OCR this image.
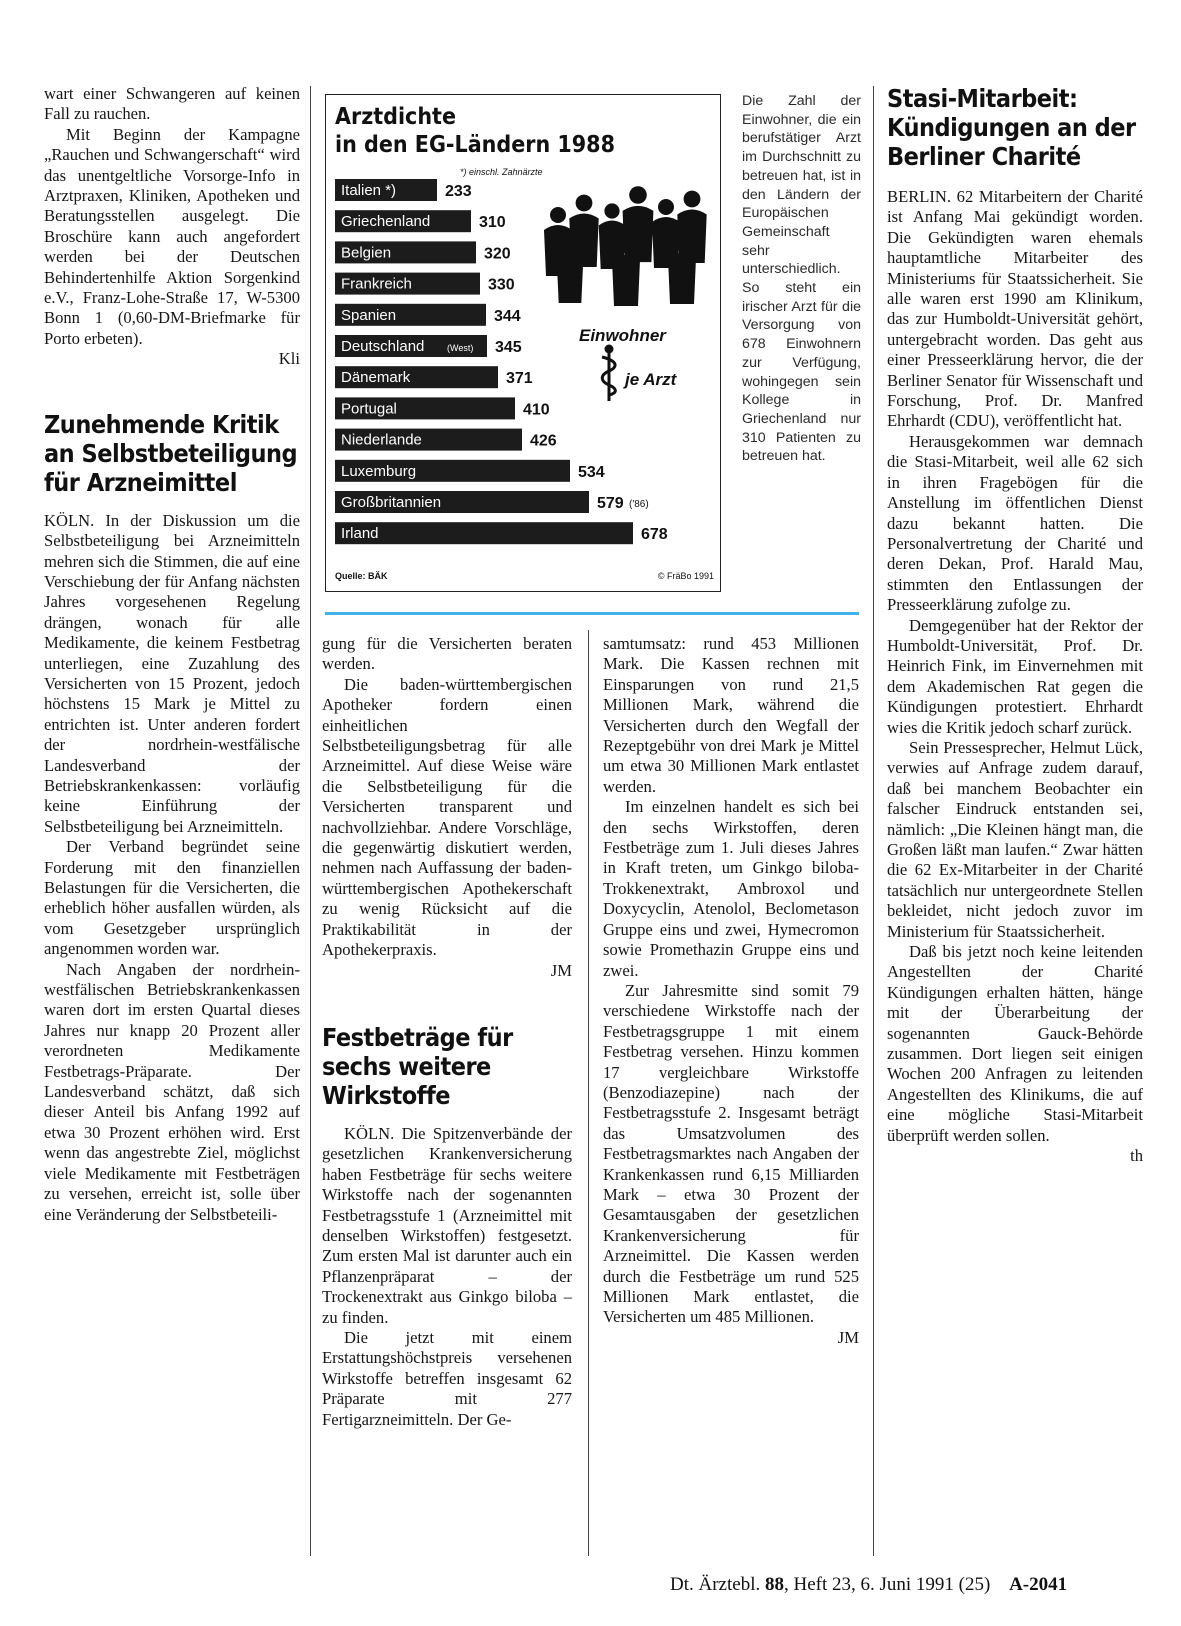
wart einer Schwangeren auf keinen Fall zu rauchen.

Mit Beginn der Kampagne „Rauchen und Schwangerschaft“ wird das unentgeltliche Vorsorge-Info in Arztpraxen, Kliniken, Apotheken und Beratungsstellen ausgelegt. Die Broschüre kann auch angefordert werden bei der Deutschen Behindertenhilfe Aktion Sorgenkind e.V., Franz-Lohe-Straße 17, W-5300 Bonn 1 (0,60-DM-Briefmarke für Porto erbeten).

Kli

Zunehmende Kritik an Selbstbeteiligung für Arzneimittel

KÖLN. In der Diskussion um die Selbstbeteiligung bei Arzneimitteln mehren sich die Stimmen, die auf eine Verschiebung der für Anfang nächsten Jahres vorgesehenen Regelung drängen, wonach für alle Medikamente, die keinem Festbetrag unterliegen, eine Zuzahlung des Versicherten von 15 Prozent, jedoch höchstens 15 Mark je Mittel zu entrichten ist. Unter anderen fordert der nordrhein-westfälische Landesverband der Betriebskrankenkassen: vorläufig keine Einführung der Selbstbeteiligung bei Arzneimitteln.

Der Verband begründet seine Forderung mit den finanziellen Belastungen für die Versicherten, die erheblich höher ausfallen würden, als vom Gesetzgeber ursprünglich angenommen worden war.

Nach Angaben der nordrhein-westfälischen Betriebskrankenkassen waren dort im ersten Quartal dieses Jahres nur knapp 20 Prozent aller verordneten Medikamente Festbetrags-Präparate. Der Landesverband schätzt, daß sich dieser Anteil bis Anfang 1992 auf etwa 30 Prozent erhöhen wird. Erst wenn das angestrebte Ziel, möglichst viele Medikamente mit Festbeträgen zu versehen, erreicht ist, solle über eine Veränderung der Selbstbeteili-

Arztdichte
in den EG-Ländern 1988
*) einschl. Zahnärzte
Italien *)	233
Griechenland	310
Belgien	320
Frankreich	330
Spanien	344
Deutschland	(West) 345
Dänemark	371
Portugal	410
Niederlande	426
Luxemburg	534
Großbritannien	579 ('86)
Irland	678
Einwohner
je Arzt
Quelle: BÄK	© FräBo 1991
Die Zahl der Einwohner, die ein berufstätiger Arzt im Durchschnitt zu betreuen hat, ist in den Ländern der Europäischen Gemeinschaft sehr unterschiedlich. So steht ein irischer Arzt für die Versorgung von 678 Einwohnern zur Verfügung, wohingegen sein Kollege in Griechenland nur 310 Patienten zu betreuen hat.

gung für die Versicherten beraten werden.

Die baden-württembergischen Apotheker fordern einen einheitlichen Selbstbeteiligungsbetrag für alle Arzneimittel. Auf diese Weise wäre die Selbstbeteiligung für die Versicherten transparent und nachvollziehbar. Andere Vorschläge, die gegenwärtig diskutiert werden, nehmen nach Auffassung der baden-württembergischen Apothekerschaft zu wenig Rücksicht auf die Praktikabilität in der Apothekerpraxis.

JM

Festbeträge für sechs weitere Wirkstoffe

KÖLN. Die Spitzenverbände der gesetzlichen Krankenversicherung haben Festbeträge für sechs weitere Wirkstoffe nach der sogenannten Festbetragsstufe 1 (Arzneimittel mit denselben Wirkstoffen) festgesetzt. Zum ersten Mal ist darunter auch ein Pflanzenpräparat – der Trockenextrakt aus Ginkgo biloba – zu finden.

Die jetzt mit einem Erstattungshöchstpreis versehenen Wirkstoffe betreffen insgesamt 62 Präparate mit 277 Fertigarzneimitteln. Der Ge-

samtumsatz: rund 453 Millionen Mark. Die Kassen rechnen mit Einsparungen von rund 21,5 Millionen Mark, während die Versicherten durch den Wegfall der Rezeptgebühr von drei Mark je Mittel um etwa 30 Millionen Mark entlastet werden.

Im einzelnen handelt es sich bei den sechs Wirkstoffen, deren Festbeträge zum 1. Juli dieses Jahres in Kraft treten, um Ginkgo biloba-Trokkenextrakt, Ambroxol und Doxycyclin, Atenolol, Beclometason Gruppe eins und zwei, Hymecromon sowie Promethazin Gruppe eins und zwei.

Zur Jahresmitte sind somit 79 verschiedene Wirkstoffe nach der Festbetragsgruppe 1 mit einem Festbetrag versehen. Hinzu kommen 17 vergleichbare Wirkstoffe (Benzodiazepine) nach der Festbetragsstufe 2. Insgesamt beträgt das Umsatzvolumen des Festbetragsmarktes nach Angaben der Krankenkassen rund 6,15 Milliarden Mark – etwa 30 Prozent der Gesamtausgaben der gesetzlichen Krankenversicherung für Arzneimittel. Die Kassen werden durch die Festbeträge um rund 525 Millionen Mark entlastet, die Versicherten um 485 Millionen.

JM

Stasi-Mitarbeit: Kündigungen an der Berliner Charité

BERLIN. 62 Mitarbeitern der Charité ist Anfang Mai gekündigt worden. Die Gekündigten waren ehemals hauptamtliche Mitarbeiter des Ministeriums für Staatssicherheit. Sie alle waren erst 1990 am Klinikum, das zur Humboldt-Universität gehört, untergebracht worden. Das geht aus einer Presseerklärung hervor, die der Berliner Senator für Wissenschaft und Forschung, Prof. Dr. Manfred Ehrhardt (CDU), veröffentlicht hat.

Herausgekommen war demnach die Stasi-Mitarbeit, weil alle 62 sich in ihren Fragebögen für die Anstellung im öffentlichen Dienst dazu bekannt hatten. Die Personalvertretung der Charité und deren Dekan, Prof. Harald Mau, stimmten den Entlassungen der Presseerklärung zufolge zu.

Demgegenüber hat der Rektor der Humboldt-Universität, Prof. Dr. Heinrich Fink, im Einvernehmen mit dem Akademischen Rat gegen die Kündigungen protestiert. Ehrhardt wies die Kritik jedoch scharf zurück.

Sein Pressesprecher, Helmut Lück, verwies auf Anfrage zudem darauf, daß bei manchem Beobachter ein falscher Eindruck entstanden sei, nämlich: „Die Kleinen hängt man, die Großen läßt man laufen.“ Zwar hätten die 62 Ex-Mitarbeiter in der Charité tatsächlich nur untergeordnete Stellen bekleidet, nicht jedoch zuvor im Ministerium für Staatssicherheit.

Daß bis jetzt noch keine leitenden Angestellten der Charité Kündigungen erhalten hätten, hänge mit der Überarbeitung der sogenannten Gauck-Behörde zusammen. Dort liegen seit einigen Wochen 200 Anfragen zu leitenden Angestellten des Klinikums, die auf eine mögliche Stasi-Mitarbeit überprüft werden sollen.

th

Dt. Ärztebl. 88, Heft 23, 6. Juni 1991 (25) A-2041
